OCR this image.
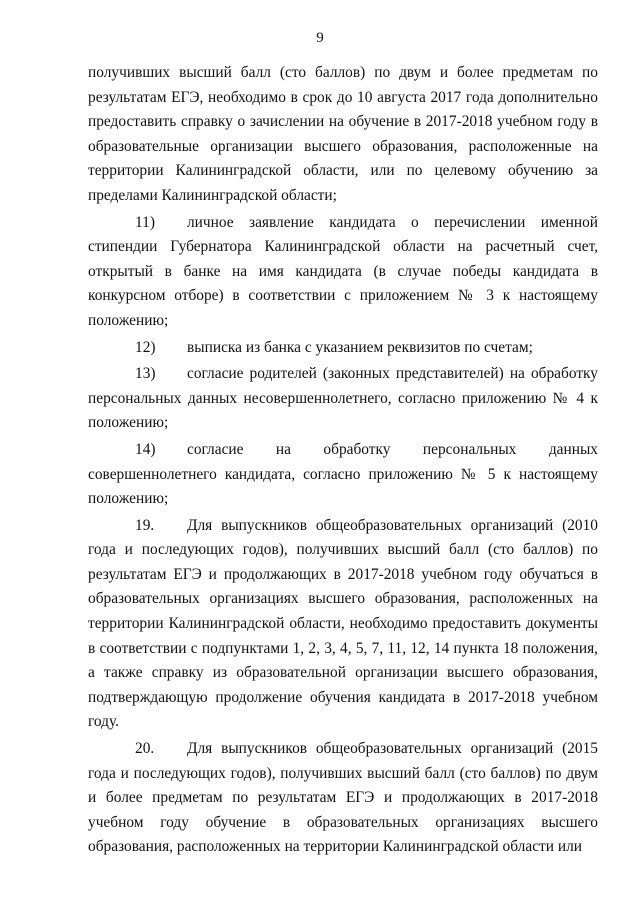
9

получивших высший балл (сто баллов) по двум и более предметам по результатам ЕГЭ, необходимо в срок до 10 августа 2017 года дополнительно предоставить справку о зачислении на обучение в 2017-2018 учебном году в образовательные организации высшего образования, расположенные на территории Калининградской области, или по целевому обучению за пределами Калининградской области;

11) личное заявление кандидата о перечислении именной стипендии Губернатора Калининградской области на расчетный счет, открытый в банке на имя кандидата (в случае победы кандидата в конкурсном отборе) в соответствии с приложением № 3 к настоящему положению;

12) выписка из банка с указанием реквизитов по счетам;

13) согласие родителей (законных представителей) на обработку персональных данных несовершеннолетнего, согласно приложению № 4 к положению;

14) согласие на обработку персональных данных совершеннолетнего кандидата, согласно приложению № 5 к настоящему положению;

19. Для выпускников общеобразовательных организаций (2010 года и последующих годов), получивших высший балл (сто баллов) по результатам ЕГЭ и продолжающих в 2017-2018 учебном году обучаться в образовательных организациях высшего образования, расположенных на территории Калининградской области, необходимо предоставить документы в соответствии с подпунктами 1, 2, 3, 4, 5, 7, 11, 12, 14 пункта 18 положения, а также справку из образовательной организации высшего образования, подтверждающую продолжение обучения кандидата в 2017-2018 учебном году.

20. Для выпускников общеобразовательных организаций (2015 года и последующих годов), получивших высший балл (сто баллов) по двум и более предметам по результатам ЕГЭ и продолжающих в 2017-2018 учебном году обучение в образовательных организациях высшего образования, расположенных на территории Калининградской области или
